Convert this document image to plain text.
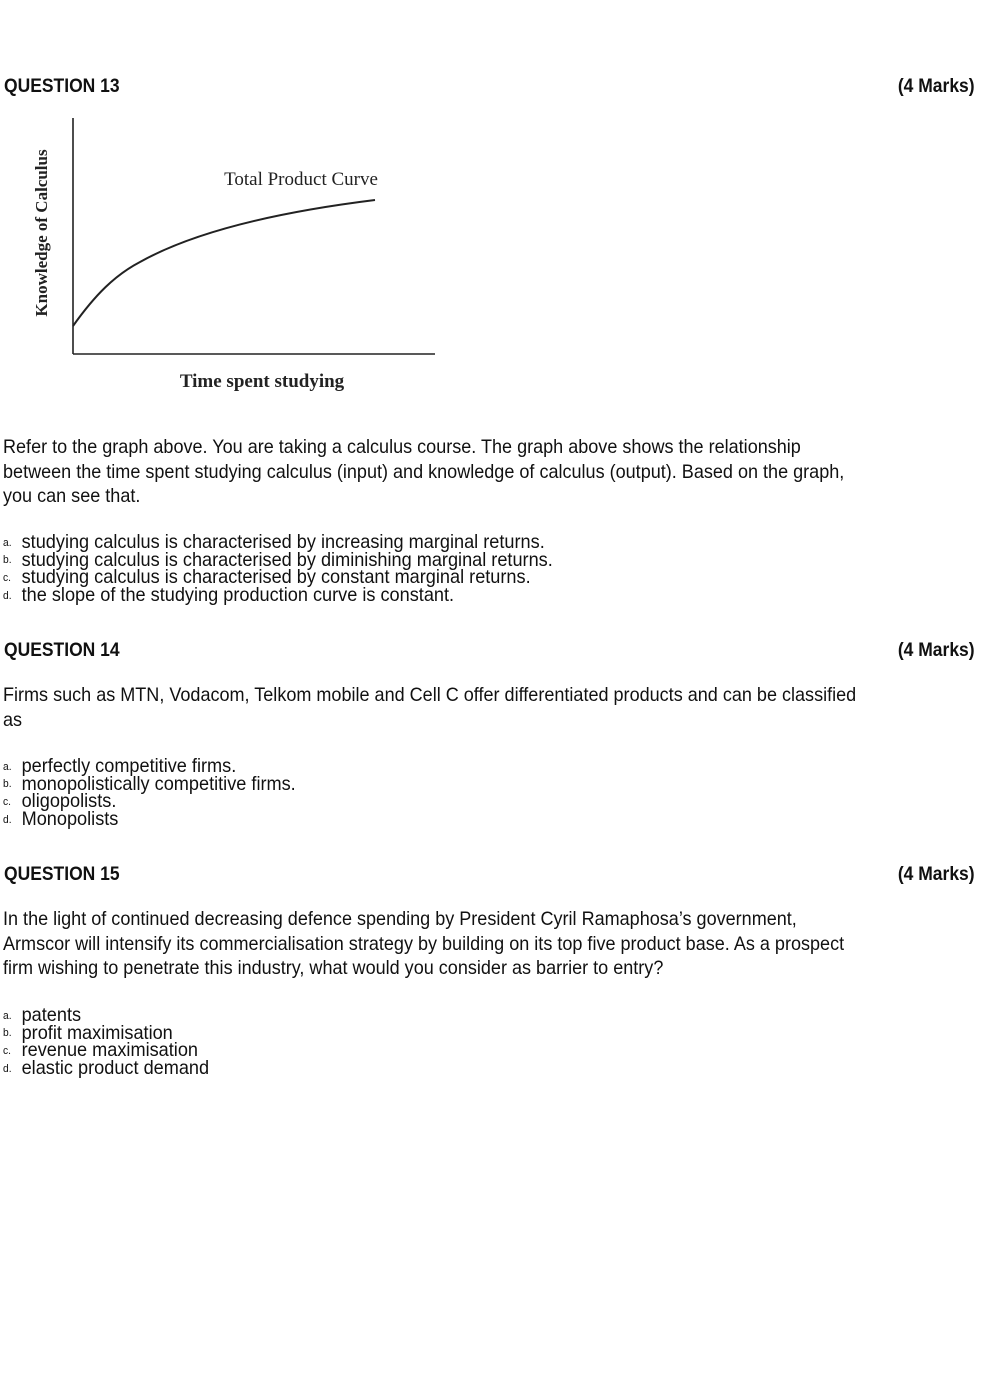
QUESTION 13	(4 Marks)
Total Product Curve
Knowledge of Calculus
Time spent studying
Refer to the graph above. You are taking a calculus course. The graph above shows the relationship between the time spent studying calculus (input) and knowledge of calculus (output). Based on the graph, you can see that.
a. studying calculus is characterised by increasing marginal returns.
b. studying calculus is characterised by diminishing marginal returns.
c. studying calculus is characterised by constant marginal returns.
d. the slope of the studying production curve is constant.
QUESTION 14	(4 Marks)
Firms such as MTN, Vodacom, Telkom mobile and Cell C offer differentiated products and can be classified as
a. perfectly competitive firms.
b. monopolistically competitive firms.
c. oligopolists.
d. Monopolists
QUESTION 15	(4 Marks)
In the light of continued decreasing defence spending by President Cyril Ramaphosa’s government, Armscor will intensify its commercialisation strategy by building on its top five product base. As a prospect firm wishing to penetrate this industry, what would you consider as barrier to entry?
a. patents
b. profit maximisation
c. revenue maximisation
d. elastic product demand
